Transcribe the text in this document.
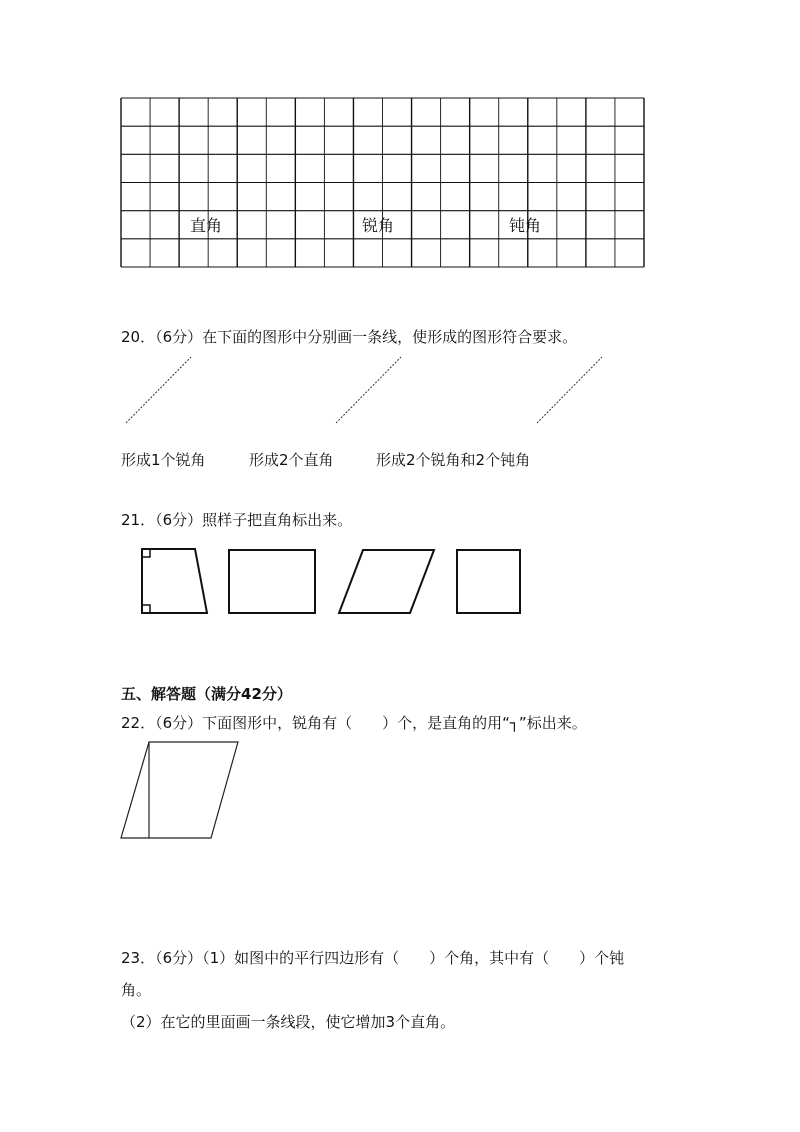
直角	锐角	钝角
20．（6分）在下面的图形中分别画一条线，使形成的图形符合要求。
形成1个锐角	形成2个直角	形成2个锐角和2个钝角
21．（6分）照样子把直角标出来。
五、解答题（满分42分）
22．（6分）下面图形中，锐角有（　　）个，是直角的用“┐”标出来。
23．（6分）（1）如图中的平行四边形有（　　）个角，其中有（　　）个钝
角。
（2）在它的里面画一条线段，使它增加3个直角。
